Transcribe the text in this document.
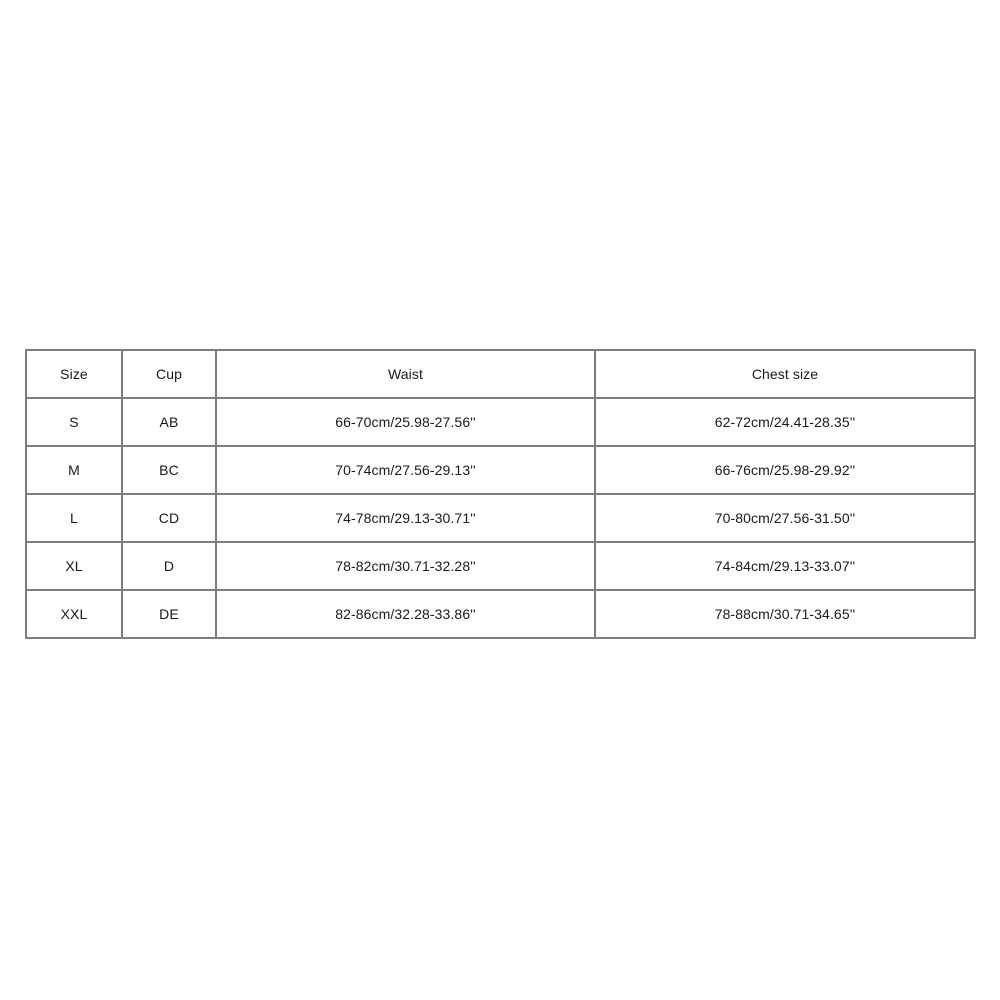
Size	Cup	Waist	Chest size
S	AB	66-70cm/25.98-27.56''	62-72cm/24.41-28.35''
M	BC	70-74cm/27.56-29.13''	66-76cm/25.98-29.92''
L	CD	74-78cm/29.13-30.71''	70-80cm/27.56-31.50''
XL	D	78-82cm/30.71-32.28''	74-84cm/29.13-33.07''
XXL	DE	82-86cm/32.28-33.86''	78-88cm/30.71-34.65''
